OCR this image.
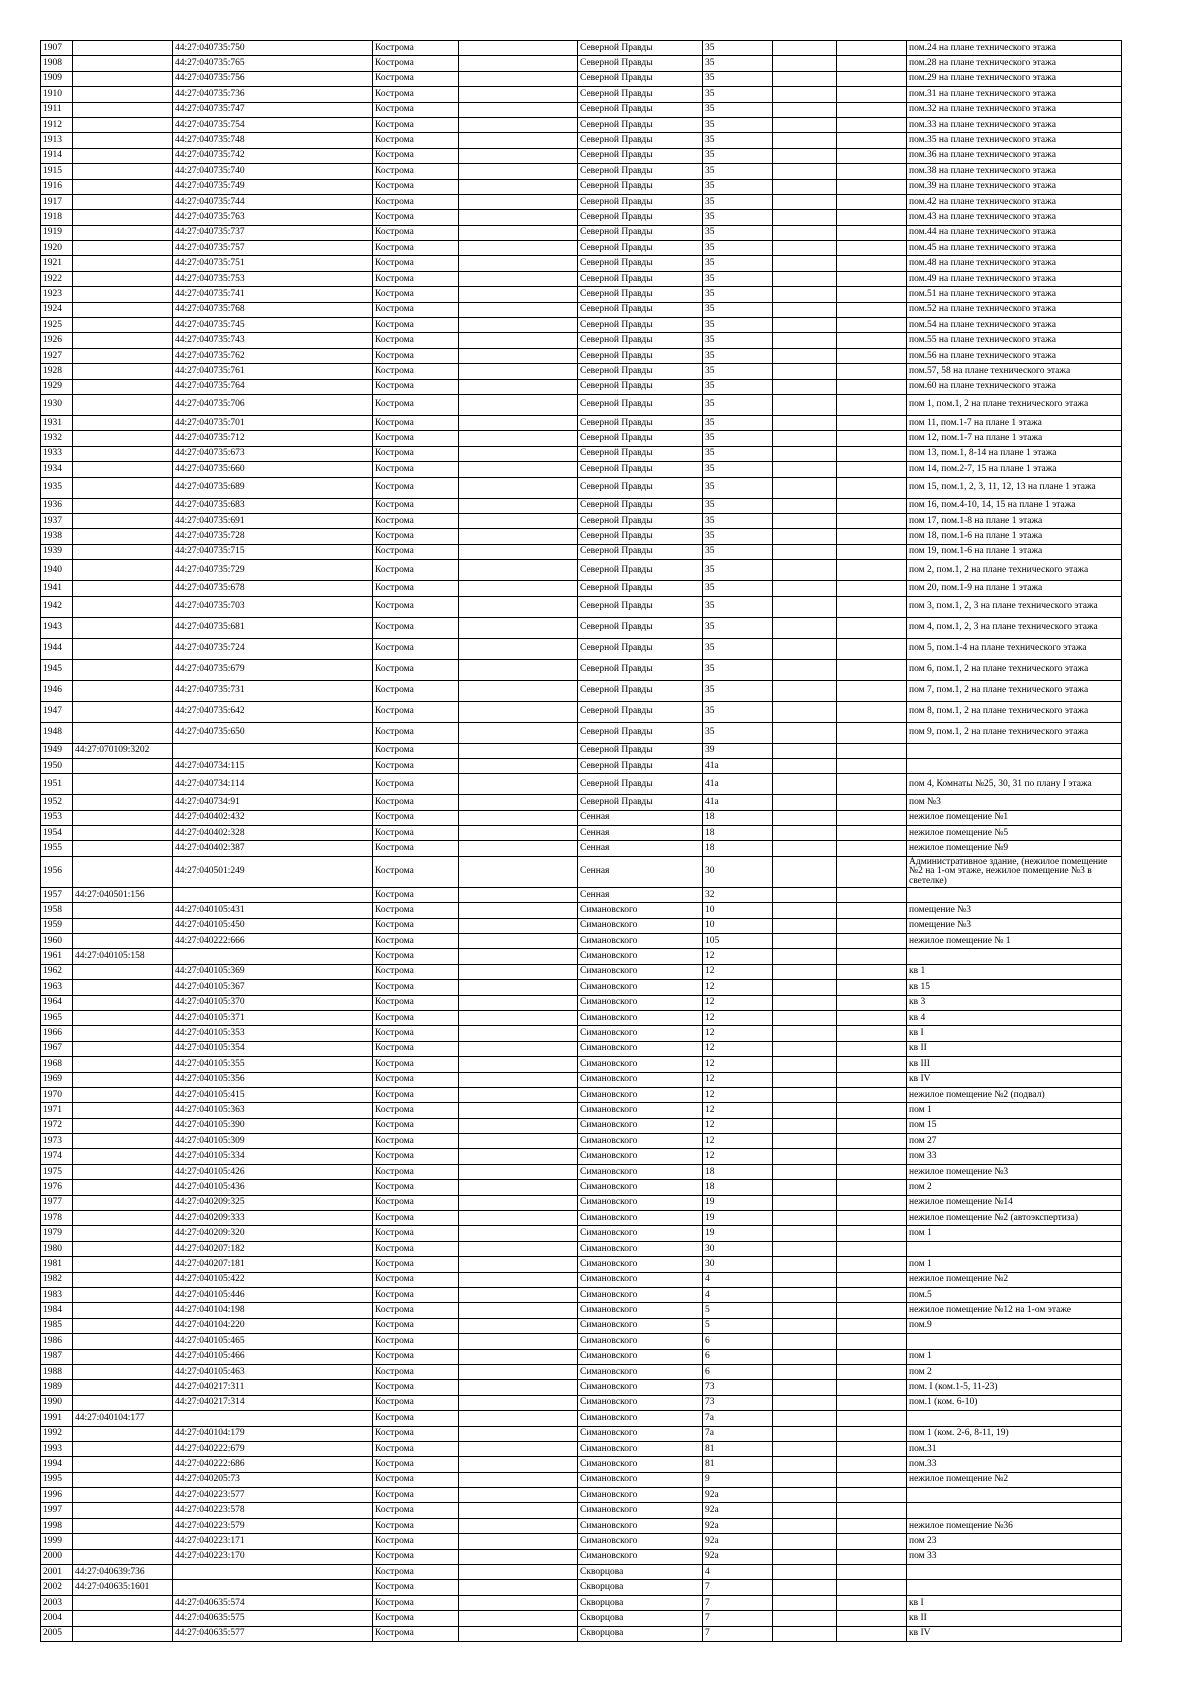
1907		44:27:040735:750	Кострома		Северной Правды	35			пом.24 на плане технического этажа
1908		44:27:040735:765	Кострома		Северной Правды	35			пом.28 на плане технического этажа
1909		44:27:040735:756	Кострома		Северной Правды	35			пом.29 на плане технического этажа
1910		44:27:040735:736	Кострома		Северной Правды	35			пом.31 на плане технического этажа
1911		44:27:040735:747	Кострома		Северной Правды	35			пом.32 на плане технического этажа
1912		44:27:040735:754	Кострома		Северной Правды	35			пом.33 на плане технического этажа
1913		44:27:040735:748	Кострома		Северной Правды	35			пом.35 на плане технического этажа
1914		44:27:040735:742	Кострома		Северной Правды	35			пом.36 на плане технического этажа
1915		44:27:040735:740	Кострома		Северной Правды	35			пом.38 на плане технического этажа
1916		44:27:040735:749	Кострома		Северной Правды	35			пом.39 на плане технического этажа
1917		44:27:040735:744	Кострома		Северной Правды	35			пом.42 на плане технического этажа
1918		44:27:040735:763	Кострома		Северной Правды	35			пом.43 на плане технического этажа
1919		44:27:040735:737	Кострома		Северной Правды	35			пом.44 на плане технического этажа
1920		44:27:040735:757	Кострома		Северной Правды	35			пом.45 на плане технического этажа
1921		44:27:040735:751	Кострома		Северной Правды	35			пом.48 на плане технического этажа
1922		44:27:040735:753	Кострома		Северной Правды	35			пом.49 на плане технического этажа
1923		44:27:040735:741	Кострома		Северной Правды	35			пом.51 на плане технического этажа
1924		44:27:040735:768	Кострома		Северной Правды	35			пом.52 на плане технического этажа
1925		44:27:040735:745	Кострома		Северной Правды	35			пом.54 на плане технического этажа
1926		44:27:040735:743	Кострома		Северной Правды	35			пом.55 на плане технического этажа
1927		44:27:040735:762	Кострома		Северной Правды	35			пом.56 на плане технического этажа
1928		44:27:040735:761	Кострома		Северной Правды	35			пом.57, 58 на плане технического этажа
1929		44:27:040735:764	Кострома		Северной Правды	35			пом.60 на плане технического этажа
1930		44:27:040735:706	Кострома		Северной Правды	35			пом 1, пом.1, 2 на плане технического этажа
1931		44:27:040735:701	Кострома		Северной Правды	35			пом 11, пом.1-7 на плане 1 этажа
1932		44:27:040735:712	Кострома		Северной Правды	35			пом 12, пом.1-7 на плане 1 этажа
1933		44:27:040735:673	Кострома		Северной Правды	35			пом 13, пом.1, 8-14 на плане 1 этажа
1934		44:27:040735:660	Кострома		Северной Правды	35			пом 14, пом.2-7, 15 на плане 1 этажа
1935		44:27:040735:689	Кострома		Северной Правды	35			пом 15, пом.1, 2, 3, 11, 12, 13 на плане 1 этажа
1936		44:27:040735:683	Кострома		Северной Правды	35			пом 16, пом.4-10, 14, 15 на плане 1 этажа
1937		44:27:040735:691	Кострома		Северной Правды	35			пом 17, пом.1-8 на плане 1 этажа
1938		44:27:040735:728	Кострома		Северной Правды	35			пом 18, пом.1-6 на плане 1 этажа
1939		44:27:040735:715	Кострома		Северной Правды	35			пом 19, пом.1-6 на плане 1 этажа
1940		44:27:040735:729	Кострома		Северной Правды	35			пом 2, пом.1, 2 на плане технического этажа
1941		44:27:040735:678	Кострома		Северной Правды	35			пом 20, пом.1-9 на плане 1 этажа
1942		44:27:040735:703	Кострома		Северной Правды	35			пом 3, пом.1, 2, 3 на плане технического этажа
1943		44:27:040735:681	Кострома		Северной Правды	35			пом 4, пом.1, 2, 3 на плане технического этажа
1944		44:27:040735:724	Кострома		Северной Правды	35			пом 5, пом.1-4 на плане технического этажа
1945		44:27:040735:679	Кострома		Северной Правды	35			пом 6, пом.1, 2 на плане технического этажа
1946		44:27:040735:731	Кострома		Северной Правды	35			пом 7, пом.1, 2 на плане технического этажа
1947		44:27:040735:642	Кострома		Северной Правды	35			пом 8, пом.1, 2 на плане технического этажа
1948		44:27:040735:650	Кострома		Северной Правды	35			пом 9, пом.1, 2 на плане технического этажа
1949	44:27:070109:3202		Кострома		Северной Правды	39			
1950		44:27:040734:115	Кострома		Северной Правды	41а			
1951		44:27:040734:114	Кострома		Северной Правды	41а			пом 4, Комнаты №25, 30, 31 по плану I этажа
1952		44:27:040734:91	Кострома		Северной Правды	41а			пом №3
1953		44:27:040402:432	Кострома		Сенная	18			нежилое помещение №1
1954		44:27:040402:328	Кострома		Сенная	18			нежилое помещение №5
1955		44:27:040402:387	Кострома		Сенная	18			нежилое помещение №9
1956		44:27:040501:249	Кострома		Сенная	30			Административное здание, (нежилое помещение №2 на 1-ом этаже, нежилое помещение №3 в светелке)
1957	44:27:040501:156		Кострома		Сенная	32			
1958		44:27:040105:431	Кострома		Симановского	10			помещение №3
1959		44:27:040105:450	Кострома		Симановского	10			помещение №3
1960		44:27:040222:666	Кострома		Симановского	105			нежилое помещение № 1
1961	44:27:040105:158		Кострома		Симановского	12			
1962		44:27:040105:369	Кострома		Симановского	12			кв 1
1963		44:27:040105:367	Кострома		Симановского	12			кв 15
1964		44:27:040105:370	Кострома		Симановского	12			кв 3
1965		44:27:040105:371	Кострома		Симановского	12			кв 4
1966		44:27:040105:353	Кострома		Симановского	12			кв I
1967		44:27:040105:354	Кострома		Симановского	12			кв II
1968		44:27:040105:355	Кострома		Симановского	12			кв III
1969		44:27:040105:356	Кострома		Симановского	12			кв IV
1970		44:27:040105:415	Кострома		Симановского	12			нежилое помещение №2 (подвал)
1971		44:27:040105:363	Кострома		Симановского	12			пом 1
1972		44:27:040105:390	Кострома		Симановского	12			пом 15
1973		44:27:040105:309	Кострома		Симановского	12			пом 27
1974		44:27:040105:334	Кострома		Симановского	12			пом 33
1975		44:27:040105:426	Кострома		Симановского	18			нежилое помещение №3
1976		44:27:040105:436	Кострома		Симановского	18			пом 2
1977		44:27:040209:325	Кострома		Симановского	19			нежилое помещение №14
1978		44:27:040209:333	Кострома		Симановского	19			нежилое помещение №2 (автоэкспертиза)
1979		44:27:040209:320	Кострома		Симановского	19			пом 1
1980		44:27:040207:182	Кострома		Симановского	30			
1981		44:27:040207:181	Кострома		Симановского	30			пом 1
1982		44:27:040105:422	Кострома		Симановского	4			нежилое помещение №2
1983		44:27:040105:446	Кострома		Симановского	4			пом.5
1984		44:27:040104:198	Кострома		Симановского	5			нежилое помещение №12 на 1-ом этаже
1985		44:27:040104:220	Кострома		Симановского	5			пом.9
1986		44:27:040105:465	Кострома		Симановского	6			
1987		44:27:040105:466	Кострома		Симановского	6			пом 1
1988		44:27:040105:463	Кострома		Симановского	6			пом 2
1989		44:27:040217:311	Кострома		Симановского	73			пом. I (ком.1-5, 11-23)
1990		44:27:040217:314	Кострома		Симановского	73			пом.1 (ком. 6-10)
1991	44:27:040104:177		Кострома		Симановского	7а			
1992		44:27:040104:179	Кострома		Симановского	7а			пом 1 (ком. 2-6, 8-11, 19)
1993		44:27:040222:679	Кострома		Симановского	81			пом.31
1994		44:27:040222:686	Кострома		Симановского	81			пом.33
1995		44:27:040205:73	Кострома		Симановского	9			нежилое помещение №2
1996		44:27:040223:577	Кострома		Симановского	92а			
1997		44:27:040223:578	Кострома		Симановского	92а			
1998		44:27:040223:579	Кострома		Симановского	92а			нежилое помещение №36
1999		44:27:040223:171	Кострома		Симановского	92а			пом 23
2000		44:27:040223:170	Кострома		Симановского	92а			пом 33
2001	44:27:040639:736		Кострома		Скворцова	4			
2002	44:27:040635:1601		Кострома		Скворцова	7			
2003		44:27:040635:574	Кострома		Скворцова	7			кв I
2004		44:27:040635:575	Кострома		Скворцова	7			кв II
2005		44:27:040635:577	Кострома		Скворцова	7			кв IV
